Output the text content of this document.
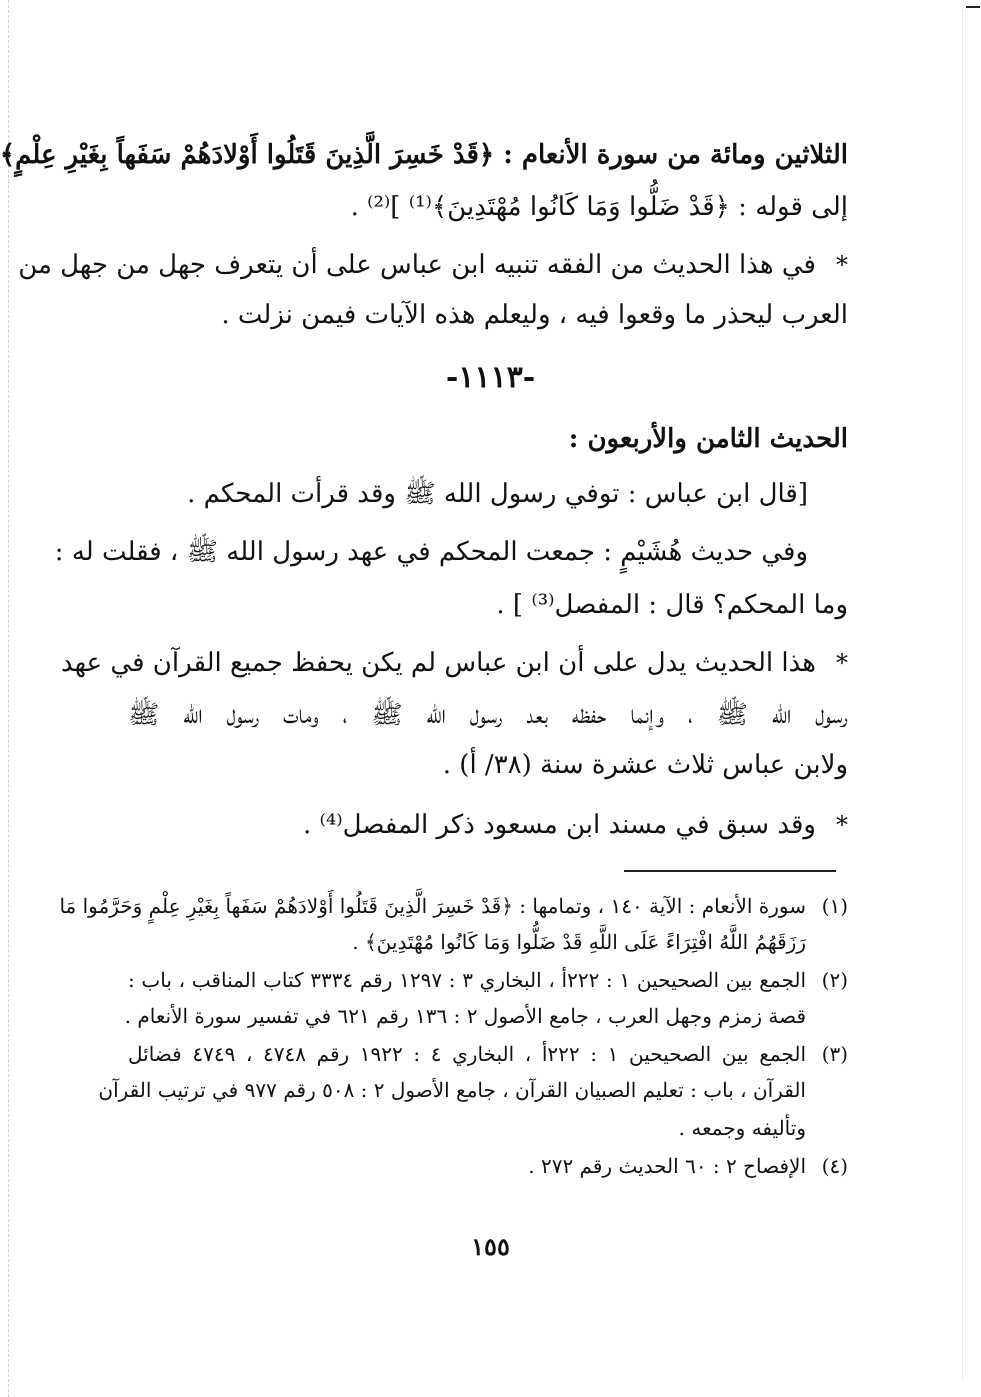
الثلاثين ومائة من سورة الأنعام : ﴿قَدْ خَسِرَ الَّذِينَ قَتَلُوا أَوْلادَهُمْ سَفَهاً بِغَيْرِ عِلْمٍ﴾
إلى قوله : ﴿قَدْ ضَلُّوا وَمَا كَانُوا مُهْتَدِينَ﴾⁽¹⁾ ]⁽²⁾ .
*
في هذا الحديث من الفقه تنبيه ابن عباس على أن يتعرف جهل من جهل من
العرب ليحذر ما وقعوا فيه ، وليعلم هذه الآيات فيمن نزلت .
-١١١٣-
الحديث الثامن والأربعون :
[قال ابن عباس : توفي رسول الله ﷺ وقد قرأت المحكم .
وفي حديث هُشَيْمٍ : جمعت المحكم في عهد رسول الله ﷺ ، فقلت له :
وما المحكم؟ قال : المفصل⁽³⁾ ] .
*
هذا الحديث يدل على أن ابن عباس لم يكن يحفظ جميع القرآن في عهد
رسول الله ﷺ ، وإنما حفظه بعد رسول الله ﷺ ، ومات رسول الله ﷺ
ولابن عباس ثلاث عشرة سنة (٣٨/ أ) .
*
وقد سبق في مسند ابن مسعود ذكر المفصل⁽⁴⁾ .
(١)
سورة الأنعام : الآية ١٤٠ ، وتمامها : ﴿قَدْ خَسِرَ الَّذِينَ قَتَلُوا أَوْلادَهُمْ سَفَهاً بِغَيْرِ عِلْمٍ وَحَرَّمُوا مَا
رَزَقَهُمُ اللَّهُ افْتِرَاءً عَلَى اللَّهِ قَدْ ضَلُّوا وَمَا كَانُوا مُهْتَدِينَ﴾ .
(٢)
الجمع بين الصحيحين ١ : ٢٢٢أ ، البخاري ٣ : ١٢٩٧ رقم ٣٣٣٤ كتاب المناقب ، باب :
قصة زمزم وجهل العرب ، جامع الأصول ٢ : ١٣٦ رقم ٦٢١ في تفسير سورة الأنعام .
(٣)
الجمع بين الصحيحين ١ : ٢٢٢أ ، البخاري ٤ : ١٩٢٢ رقم ٤٧٤٨ ، ٤٧٤٩ فضائل
القرآن ، باب : تعليم الصبيان القرآن ، جامع الأصول ٢ : ٥٠٨ رقم ٩٧٧ في ترتيب القرآن
وتأليفه وجمعه .
(٤)
الإفصاح ٢ : ٦٠ الحديث رقم ٢٧٢ .
١٥٥
